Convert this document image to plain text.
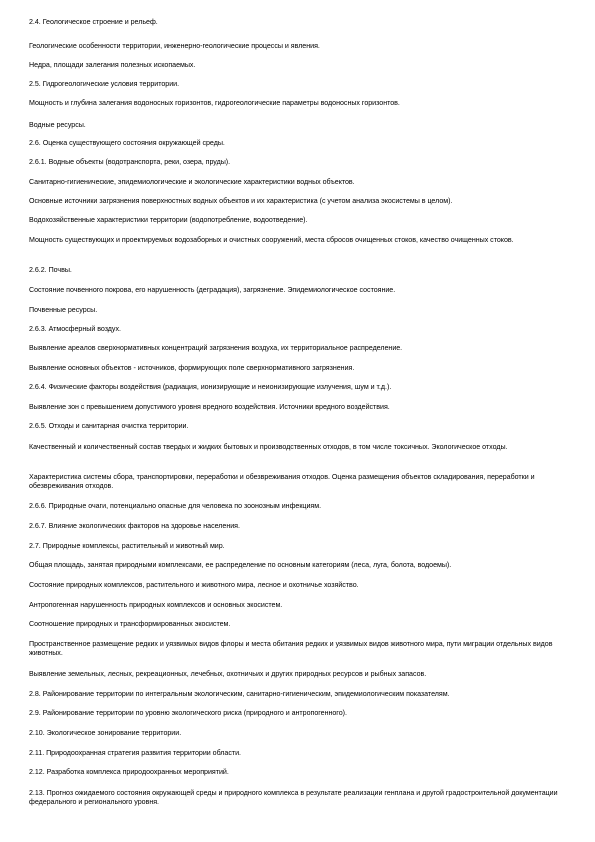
2.4. Геологическое строение и рельеф.

Геологические особенности территории, инженерно-геологические процессы и явления.

Недра, площади залегания полезных ископаемых.

2.5. Гидрогеологические условия территории.

Мощность и глубина залегания водоносных горизонтов, гидрогеологические параметры водоносных горизонтов.

Водные ресурсы.

2.6. Оценка существующего состояния окружающей среды.

2.6.1. Водные объекты (водотранспорта, реки, озера, пруды).

Санитарно-гигиенические, эпидемиологические и экологические характеристики водных объектов.

Основные источники загрязнения поверхностных водных объектов и их характеристика (с учетом анализа экосистемы в целом).

Водохозяйственные характеристики территории (водопотребление, водоотведение).

Мощность существующих и проектируемых водозаборных и очистных сооружений, места сбросов очищенных стоков, качество очищенных стоков.

2.6.2. Почвы.

Состояние почвенного покрова, его нарушенность (деградация), загрязнение. Эпидемиологическое состояние.

Почвенные ресурсы.

2.6.3. Атмосферный воздух.

Выявление ареалов сверхнормативных концентраций загрязнения воздуха, их территориальное распределение.

Выявление основных объектов - источников, формирующих поле сверхнормативного загрязнения.

2.6.4. Физические факторы воздействия (радиация, ионизирующие и неионизирующие излучения, шум и т.д.).

Выявление зон с превышением допустимого уровня вредного воздействия. Источники вредного воздействия.

2.6.5. Отходы и санитарная очистка территории.

Качественный и количественный состав твердых и жидких бытовых и производственных отходов, в том числе токсичных. Экологическое отходы.

Характеристика системы сбора, транспортировки, переработки и обезвреживания отходов. Оценка размещения объектов складирования, переработки и обезвреживания отходов.

2.6.6. Природные очаги, потенциально опасные для человека по зоонозным инфекциям.

2.6.7. Влияние экологических факторов на здоровье населения.

2.7. Природные комплексы, растительный и животный мир.

Общая площадь, занятая природными комплексами, ее распределение по основным категориям (леса, луга, болота, водоемы).

Состояние природных комплексов, растительного и животного мира, лесное и охотничье хозяйство.

Антропогенная нарушенность природных комплексов и основных экосистем.

Соотношение природных и трансформированных экосистем.

Пространственное размещение редких и уязвимых видов флоры и места обитания редких и уязвимых видов животного мира, пути миграции отдельных видов животных.

Выявление земельных, лесных, рекреационных, лечебных, охотничьих и других природных ресурсов и рыбных запасов.

2.8. Районирование территории по интегральным экологическим, санитарно-гигиеническим, эпидемиологическим показателям.

2.9. Районирование территории по уровню экологического риска (природного и антропогенного).

2.10. Экологическое зонирование территории.

2.11. Природоохранная стратегия развития территории области.

2.12. Разработка комплекса природоохранных мероприятий.

2.13. Прогноз ожидаемого состояния окружающей среды и природного комплекса в результате реализации генплана и другой градостроительной документации федерального и регионального уровня.
